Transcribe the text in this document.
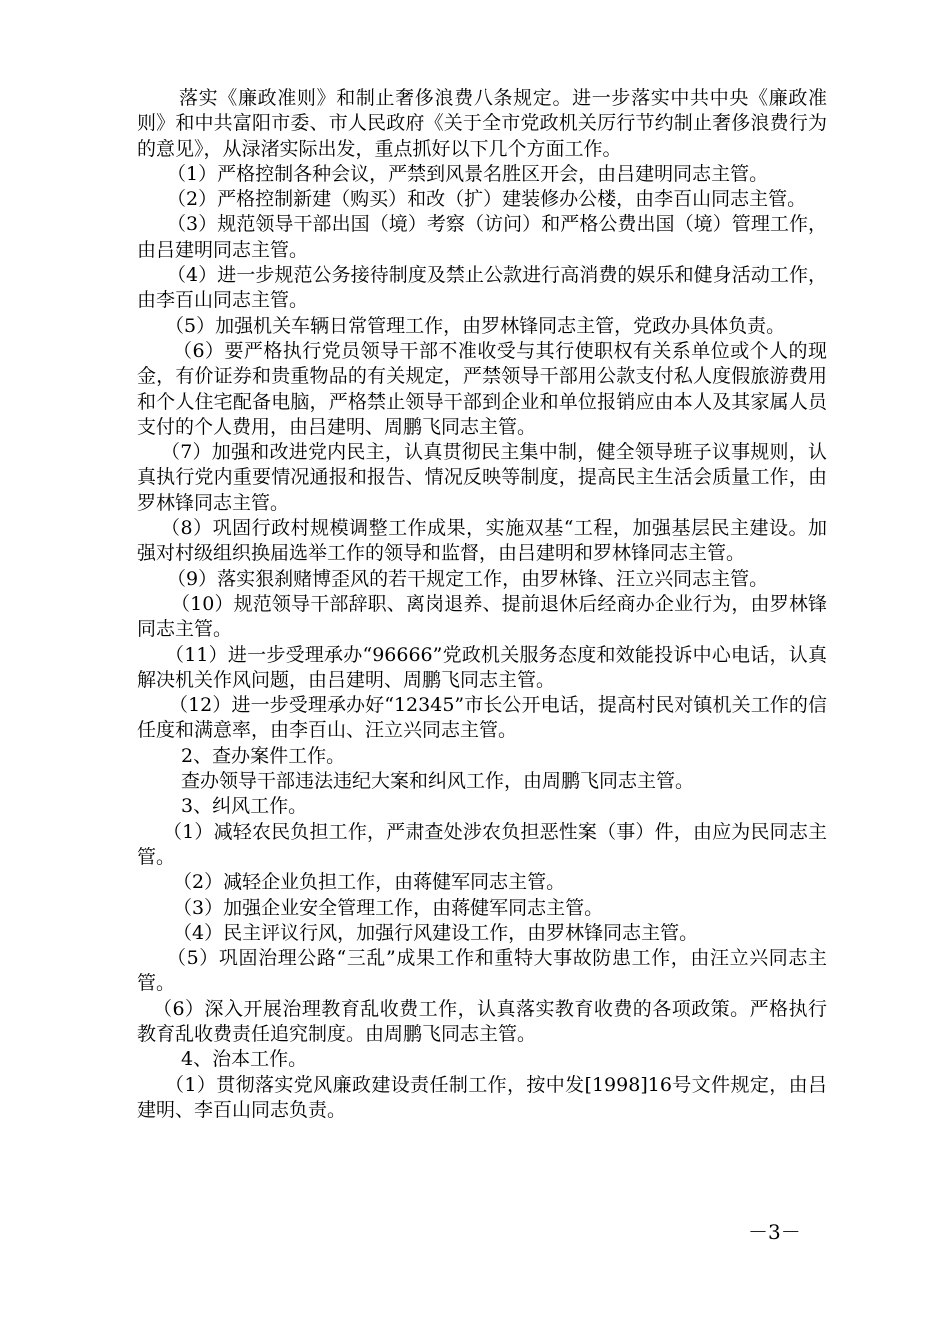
落实《廉政准则》和制止奢侈浪费八条规定。进一步落实中共中央《廉政准则》和中共富阳市委、市人民政府《关于全市党政机关厉行节约制止奢侈浪费行为的意见》，从渌渚实际出发，重点抓好以下几个方面工作。

（1）严格控制各种会议，严禁到风景名胜区开会，由吕建明同志主管。

（2）严格控制新建（购买）和改（扩）建装修办公楼，由李百山同志主管。

（3）规范领导干部出国（境）考察（访问）和严格公费出国（境）管理工作，由吕建明同志主管。

（4）进一步规范公务接待制度及禁止公款进行高消费的娱乐和健身活动工作，由李百山同志主管。

（5）加强机关车辆日常管理工作，由罗林锋同志主管，党政办具体负责。

（6）要严格执行党员领导干部不准收受与其行使职权有关系单位或个人的现金，有价证券和贵重物品的有关规定，严禁领导干部用公款支付私人度假旅游费用和个人住宅配备电脑，严格禁止领导干部到企业和单位报销应由本人及其家属人员支付的个人费用，由吕建明、周鹏飞同志主管。

（7）加强和改进党内民主，认真贯彻民主集中制，健全领导班子议事规则，认真执行党内重要情况通报和报告、情况反映等制度，提高民主生活会质量工作，由罗林锋同志主管。

（8）巩固行政村规模调整工作成果，实施双基“工程，加强基层民主建设。加强对村级组织换届选举工作的领导和监督，由吕建明和罗林锋同志主管。

（9）落实狠刹赌博歪风的若干规定工作，由罗林锋、汪立兴同志主管。

（10）规范领导干部辞职、离岗退养、提前退休后经商办企业行为，由罗林锋同志主管。

（11）进一步受理承办“96666”党政机关服务态度和效能投诉中心电话，认真解决机关作风问题，由吕建明、周鹏飞同志主管。

（12）进一步受理承办好“12345”市长公开电话，提高村民对镇机关工作的信任度和满意率，由李百山、汪立兴同志主管。

2、查办案件工作。

查办领导干部违法违纪大案和纠风工作，由周鹏飞同志主管。

3、纠风工作。

（1）减轻农民负担工作，严肃查处涉农负担恶性案（事）件，由应为民同志主管。

（2）减轻企业负担工作，由蒋健军同志主管。

（3）加强企业安全管理工作，由蒋健军同志主管。

（4）民主评议行风，加强行风建设工作，由罗林锋同志主管。

（5）巩固治理公路“三乱”成果工作和重特大事故防患工作，由汪立兴同志主管。

（6）深入开展治理教育乱收费工作，认真落实教育收费的各项政策。严格执行教育乱收费责任追究制度。由周鹏飞同志主管。

4、治本工作。

（1）贯彻落实党风廉政建设责任制工作，按中发[1998]16号文件规定，由吕建明、李百山同志负责。

－3－
